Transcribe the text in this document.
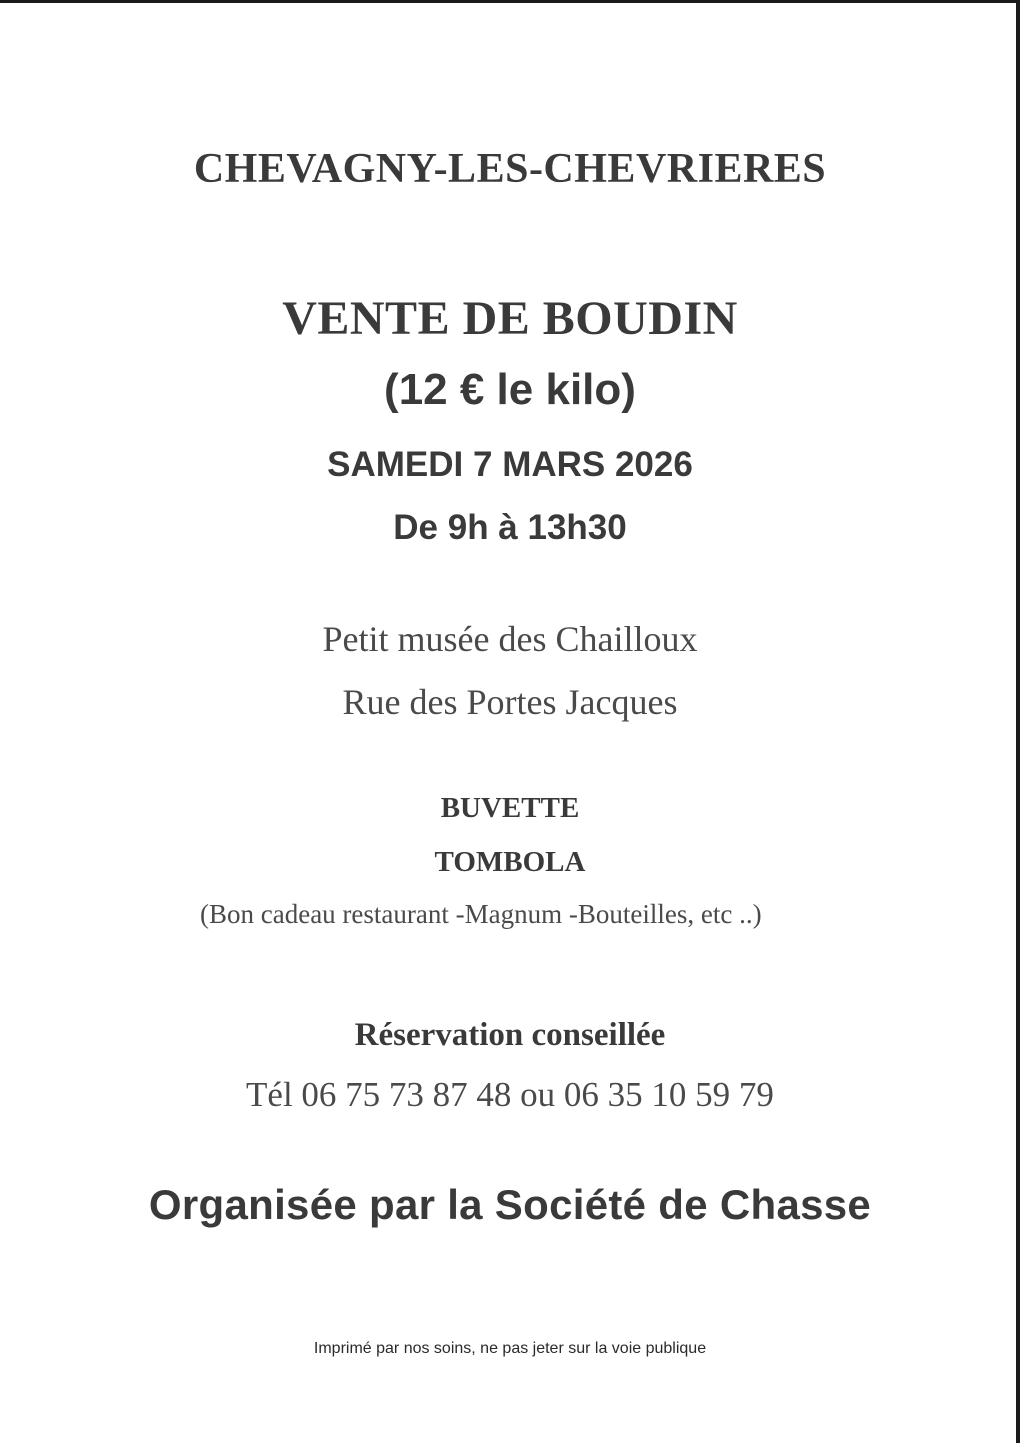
CHEVAGNY-LES-CHEVRIERES
VENTE DE BOUDIN
(12 € le kilo)
SAMEDI 7 MARS 2026
De 9h à 13h30
Petit musée des Chailloux
Rue des Portes Jacques
BUVETTE
TOMBOLA
(Bon cadeau restaurant -Magnum -Bouteilles, etc ..)
Réservation conseillée
Tél 06 75 73 87 48 ou 06 35 10 59 79
Organisée par la Société de Chasse
Imprimé par nos soins, ne pas jeter sur la voie publique
